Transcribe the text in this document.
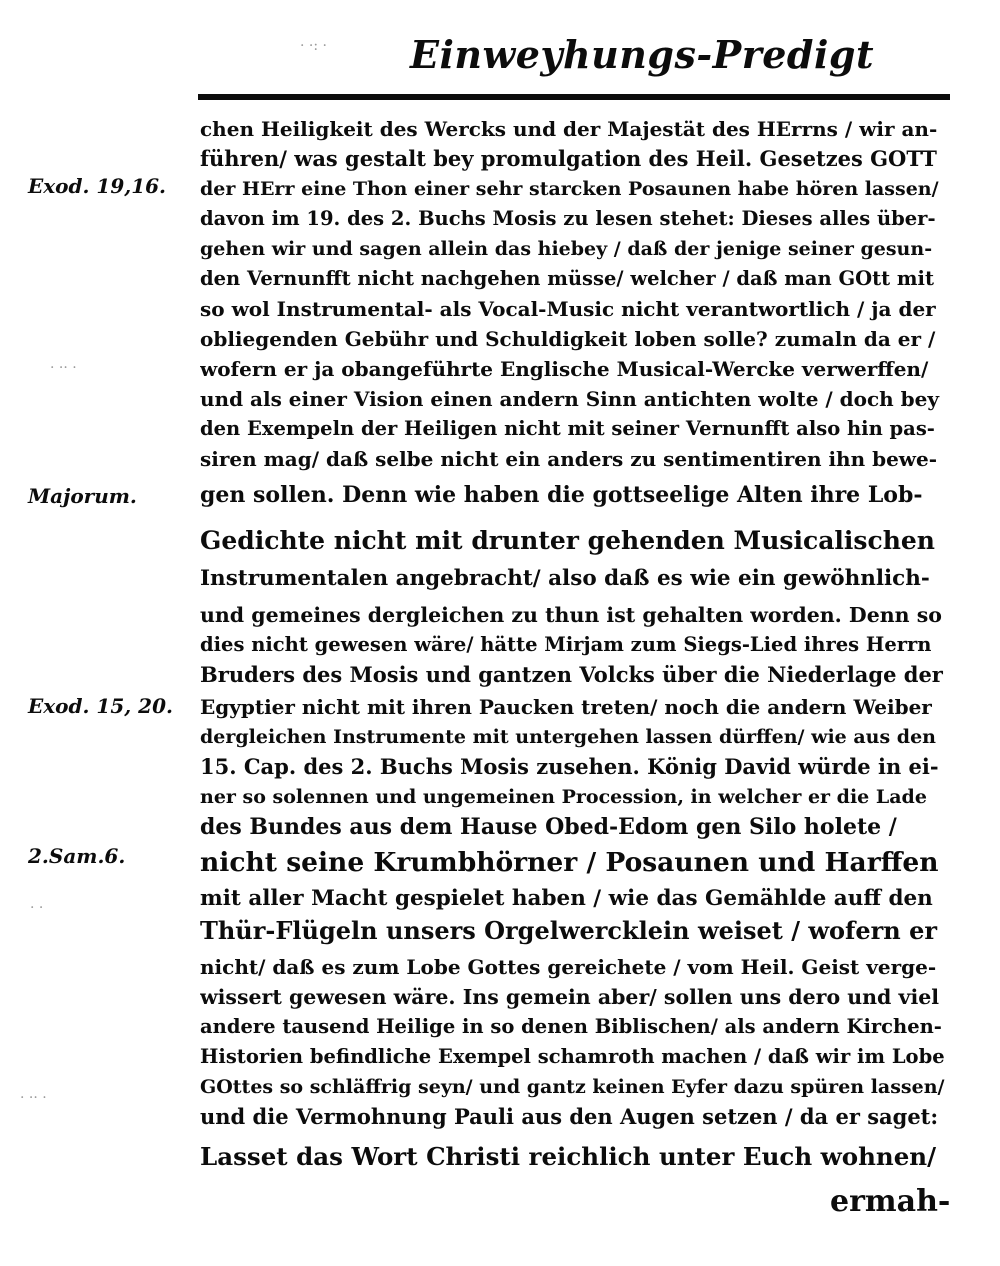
Einweyhungs-Predigt
Exod. 19,16.
Majorum.
Exod. 15, 20.
2.Sam.6.
· ·: ·
· ·· ·
· ·
· ·· ·
chen Heiligkeit des Wercks und der Majestät des HErrns / wir an-
führen/ was gestalt bey promulgation des Heil. Gesetzes GOTT
der HErr eine Thon einer sehr starcken Posaunen habe hören lassen/
davon im 19. des 2. Buchs Mosis zu lesen stehet: Dieses alles über-
gehen wir und sagen allein das hiebey / daß der jenige seiner gesun-
den Vernunfft nicht nachgehen müsse/ welcher / daß man GOtt mit
so wol Instrumental- als Vocal-Music nicht verantwortlich / ja der
obliegenden Gebühr und Schuldigkeit loben solle? zumaln da er /
wofern er ja obangeführte Englische Musical-Wercke verwerffen/
und als einer Vision einen andern Sinn antichten wolte / doch bey
den Exempeln der Heiligen nicht mit seiner Vernunfft also hin pas-
siren mag/ daß selbe nicht ein anders zu sentimentiren ihn bewe-
gen sollen. Denn wie haben die gottseelige Alten ihre Lob-
Gedichte nicht mit drunter gehenden Musicalischen
Instrumentalen angebracht/ also daß es wie ein gewöhnlich-
und gemeines dergleichen zu thun ist gehalten worden. Denn so
dies nicht gewesen wäre/ hätte Mirjam zum Siegs-Lied ihres Herrn
Bruders des Mosis und gantzen Volcks über die Niederlage der
Egyptier nicht mit ihren Paucken treten/ noch die andern Weiber
dergleichen Instrumente mit untergehen lassen dürffen/ wie aus den
15. Cap. des 2. Buchs Mosis zusehen. König David würde in ei-
ner so solennen und ungemeinen Procession, in welcher er die Lade
des Bundes aus dem Hause Obed-Edom gen Silo holete /
nicht seine Krumbhörner / Posaunen und Harffen
mit aller Macht gespielet haben / wie das Gemählde auff den
Thür-Flügeln unsers Orgelwercklein weiset / wofern er
nicht/ daß es zum Lobe Gottes gereichete / vom Heil. Geist verge-
wissert gewesen wäre. Ins gemein aber/ sollen uns dero und viel
andere tausend Heilige in so denen Biblischen/ als andern Kirchen-
Historien befindliche Exempel schamroth machen / daß wir im Lobe
GOttes so schläffrig seyn/ und gantz keinen Eyfer dazu spüren lassen/
und die Vermohnung Pauli aus den Augen setzen / da er saget:
Lasset das Wort Christi reichlich unter Euch wohnen/
ermah-
